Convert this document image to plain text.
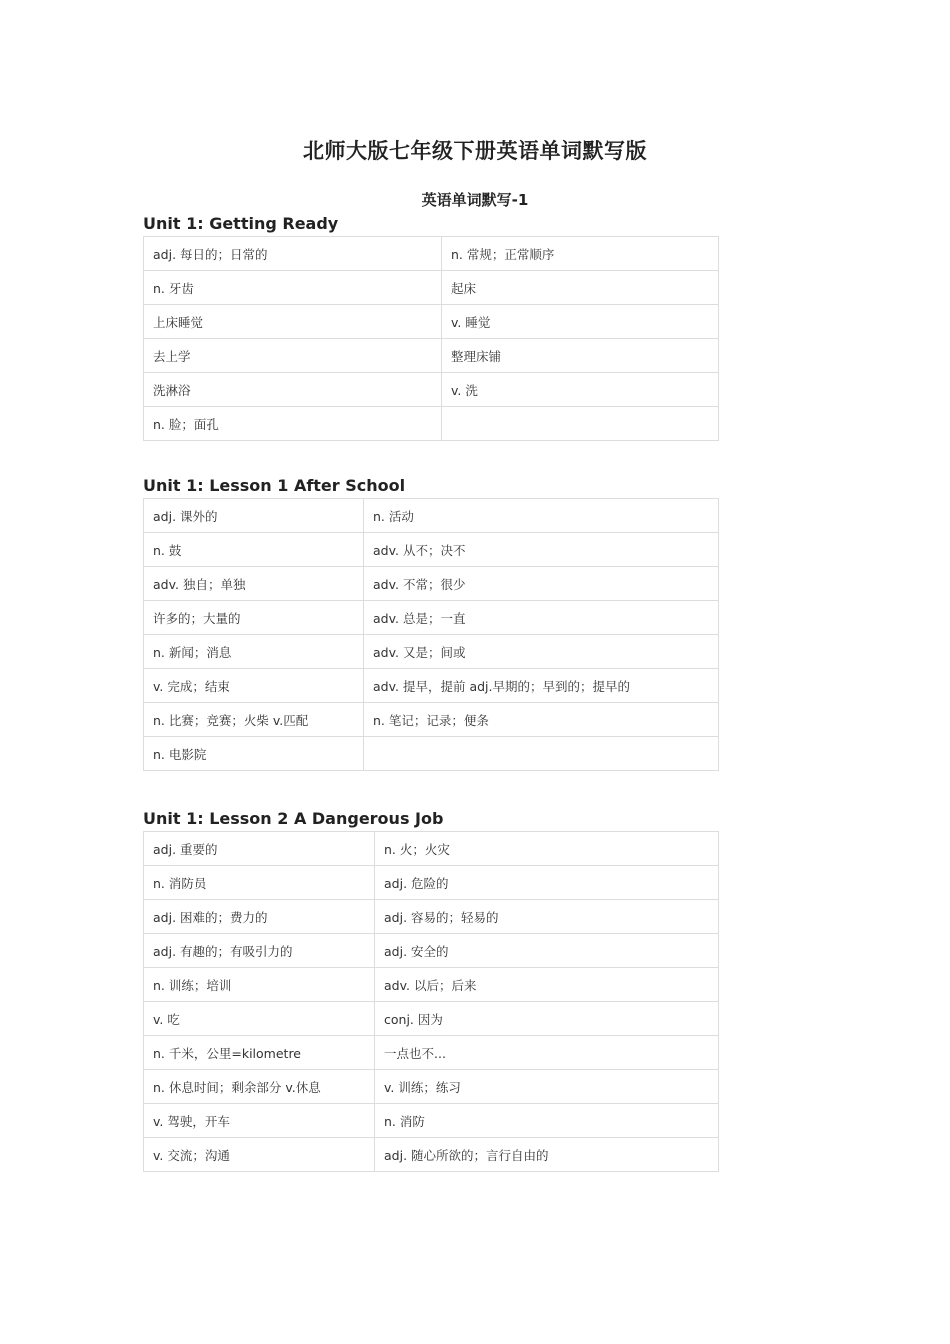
北师大版七年级下册英语单词默写版
英语单词默写-1
Unit 1: Getting Ready
adj. 每日的；日常的	n. 常规；正常顺序
n. 牙齿	起床
上床睡觉	v. 睡觉
去上学	整理床铺
洗淋浴	v. 洗
n. 脸；面孔	
Unit 1: Lesson 1 After School
adj. 课外的	n. 活动
n. 鼓	adv. 从不；决不
adv. 独自；单独	adv. 不常；很少
许多的；大量的	adv. 总是；一直
n. 新闻；消息	adv. 又是；间或
v. 完成；结束	adv. 提早，提前 adj.早期的；早到的；提早的
n. 比赛；竞赛；火柴 v.匹配	n. 笔记；记录；便条
n. 电影院	
Unit 1: Lesson 2 A Dangerous Job
adj. 重要的	n. 火；火灾
n. 消防员	adj. 危险的
adj. 困难的；费力的	adj. 容易的；轻易的
adj. 有趣的；有吸引力的	adj. 安全的
n. 训练；培训	adv. 以后；后来
v. 吃	conj. 因为
n. 千米，公里=kilometre	一点也不...
n. 休息时间；剩余部分 v.休息	v. 训练；练习
v. 驾驶，开车	n. 消防
v. 交流；沟通	adj. 随心所欲的；言行自由的
